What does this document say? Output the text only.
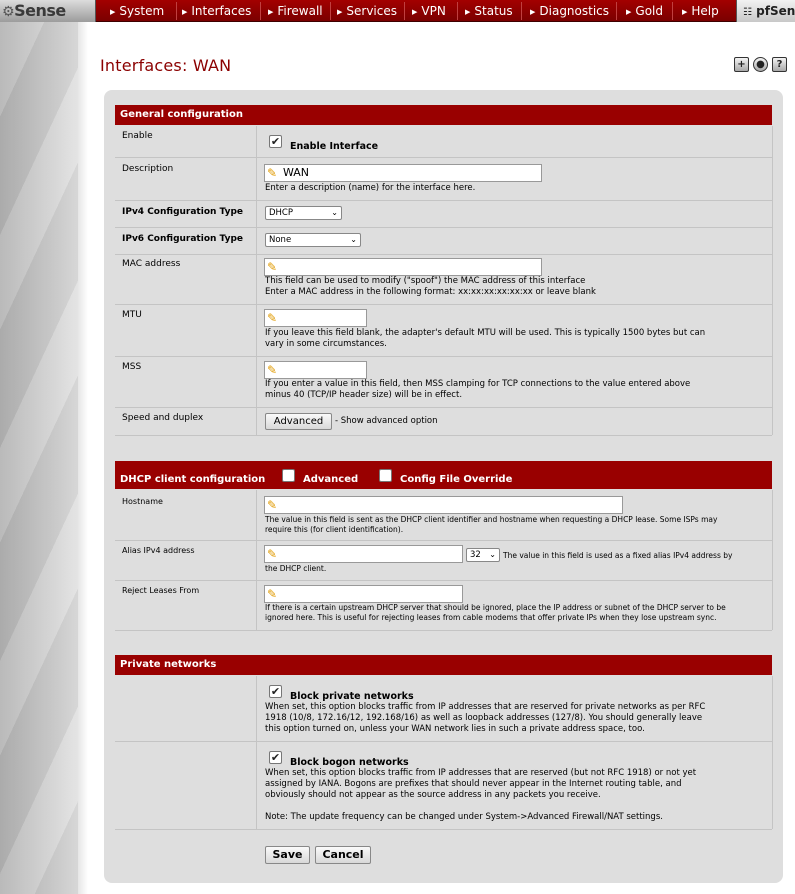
⚙Sense	▶ System	▶ Interfaces ▶ Firewall ▶ Services ▶ VPN	▶ Status ▶ Diagnostics ▶ Gold	▶ Help	☷ pfSen
Interfaces: WAN	+	●	?
General configuration
Enable	✔ Enable Interface
Description	✎ WAN
Enter a description (name) for the interface here.
IPv4 Configuration Type	DHCP	⌄
IPv6 Configuration Type	None	⌄
MAC address	✎
This field can be used to modify ("spoof") the MAC address of this interface
Enter a MAC address in the following format: xx:xx:xx:xx:xx:xx or leave blank
MTU	✎
If you leave this field blank, the adapter's default MTU will be used. This is typically 1500 bytes but can
vary in some circumstances.
MSS	✎
If you enter a value in this field, then MSS clamping for TCP connections to the value entered above
minus 40 (TCP/IP header size) will be in effect.
Speed and duplex	Advanced	- Show advanced option
DHCP client configuration	Advanced	Config File Override
Hostname	✎
The value in this field is sent as the DHCP client identifier and hostname when requesting a DHCP lease. Some ISPs may
require this (for client identification).
Alias IPv4 address	✎	32 ⌄ The value in this field is used as a fixed alias IPv4 address by
the DHCP client.
Reject Leases From	✎
If there is a certain upstream DHCP server that should be ignored, place the IP address or subnet of the DHCP server to be
ignored here. This is useful for rejecting leases from cable modems that offer private IPs when they lose upstream sync.
Private networks
✔ Block private networks
When set, this option blocks traffic from IP addresses that are reserved for private networks as per RFC
1918 (10/8, 172.16/12, 192.168/16) as well as loopback addresses (127/8). You should generally leave
this option turned on, unless your WAN network lies in such a private address space, too.
✔ Block bogon networks
When set, this option blocks traffic from IP addresses that are reserved (but not RFC 1918) or not yet
assigned by IANA. Bogons are prefixes that should never appear in the Internet routing table, and
obviously should not appear as the source address in any packets you receive.
Note: The update frequency can be changed under System->Advanced Firewall/NAT settings.
Save	Cancel
